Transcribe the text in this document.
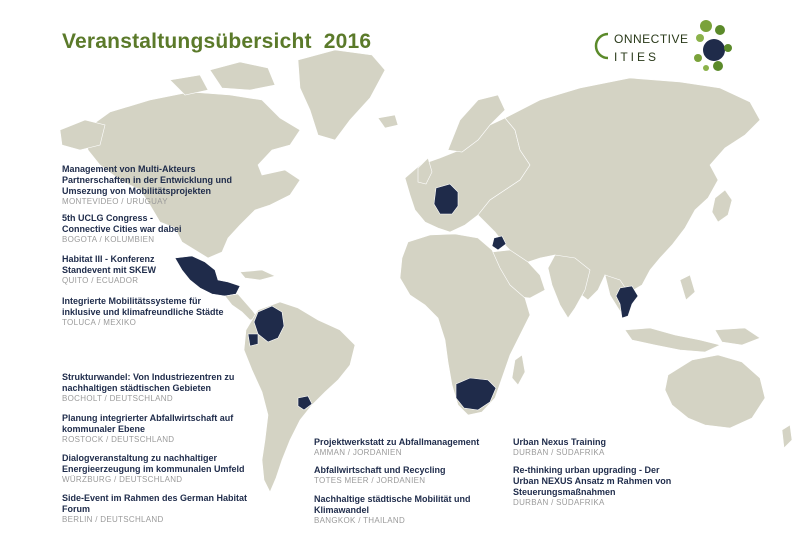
Veranstaltungsübersicht 2016	ONNECTIVE
ITIES
Management von Multi-Akteurs
Partnerschaften in der Entwicklung und
Umsezung von Mobilitätsprojekten
MONTEVIDEO / URUGUAY
5th UCLG Congress -
Connective Cities war dabei
BOGOTA / KOLUMBIEN
Habitat III - Konferenz
Standevent mit SKEW
QUITO / ECUADOR
Integrierte Mobilitätssysteme für
inklusive und klimafreundliche Städte
TOLUCA / MEXIKO
Strukturwandel: Von Industriezentren zu
nachhaltigen städtischen Gebieten
BOCHOLT / DEUTSCHLAND
Planung integrierter Abfallwirtschaft auf
kommunaler Ebene
ROSTOCK / DEUTSCHLAND
Dialogveranstaltung zu nachhaltiger
Energieerzeugung im kommunalen Umfeld
WÜRZBURG / DEUTSCHLAND
Side-Event im Rahmen des German Habitat
Forum
BERLIN / DEUTSCHLAND
Projektwerkstatt zu Abfallmanagement
AMMAN / JORDANIEN
Abfallwirtschaft und Recycling
TOTES MEER / JORDANIEN
Nachhaltige städtische Mobilität und
Klimawandel
BANGKOK / THAILAND
Urban Nexus Training
DURBAN / SÜDAFRIKA
Re-thinking urban upgrading - Der
Urban NEXUS Ansatz m Rahmen von
Steuerungsmaßnahmen
DURBAN / SÜDAFRIKA
